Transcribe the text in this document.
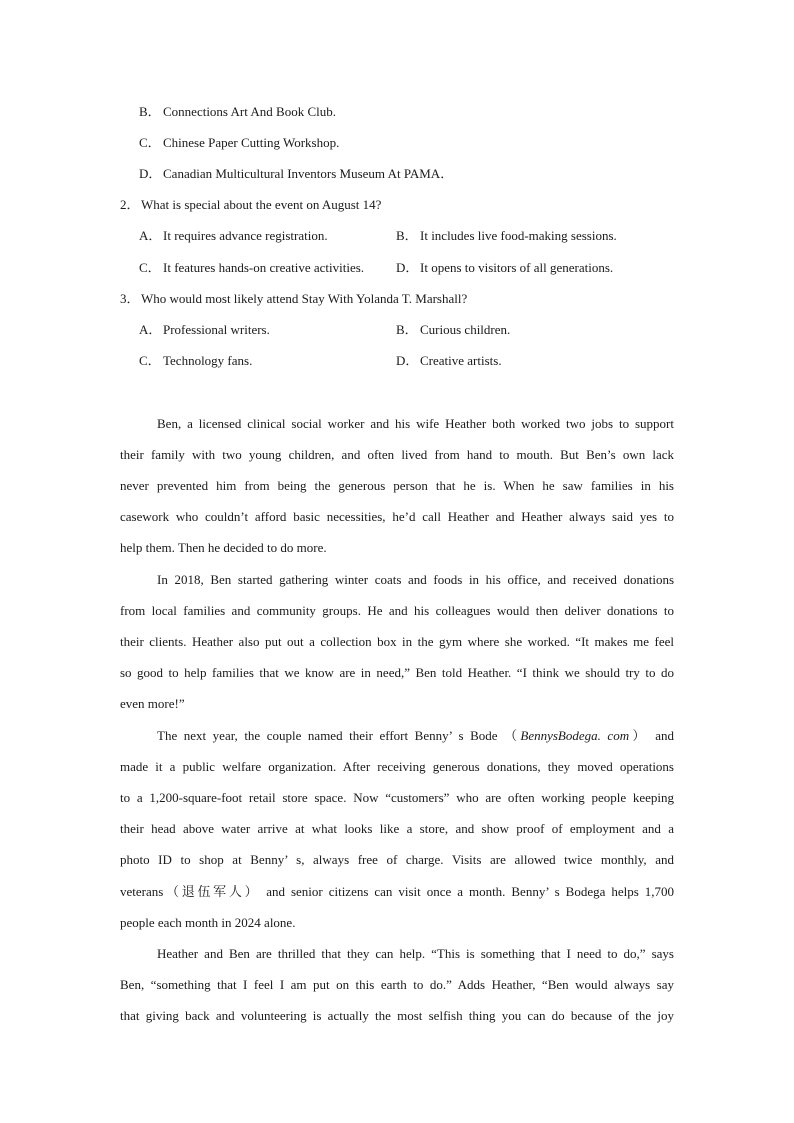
B． Connections Art And Book Club.
C． Chinese Paper Cutting Workshop.
D． Canadian Multicultural Inventors Museum At PAMA．
2．What is special about the event on August 14?
A． It requires advance registration.	B． It includes live food-making sessions.
C． It features hands-on creative activities. D． It opens to visitors of all generations.
3．Who would most likely attend Stay With Yolanda T. Marshall?
A． Professional writers.	B． Curious children.
C． Technology fans.	D． Creative artists.
Ben, a licensed clinical social worker and his wife Heather both worked two jobs to support
their family with two young children, and often lived from hand to mouth. But Ben’s own lack
never prevented him from being the generous person that he is. When he saw families in his
casework who couldn’t afford basic necessities, he’d call Heather and Heather always said yes to
help them. Then he decided to do more.
In 2018, Ben started gathering winter coats and foods in his office, and received donations
from local families and community groups. He and his colleagues would then deliver donations to
their clients. Heather also put out a collection box in the gym where she worked. “It makes me feel
so good to help families that we know are in need,” Ben told Heather. “I think we should try to do
even more!”
The next year, the couple named their effort Benny’ s Bode （BennysBodega. com） and
made it a public welfare organization. After receiving generous donations, they moved operations
to a 1,200-square-foot retail store space. Now “customers” who are often working people keeping
their head above water arrive at what looks like a store, and show proof of employment and a
photo ID to shop at Benny’ s, always free of charge. Visits are allowed twice monthly, and
veterans（退伍军人） and senior citizens can visit once a month. Benny’ s Bodega helps 1,700
people each month in 2024 alone.
Heather and Ben are thrilled that they can help. “This is something that I need to do,” says
Ben, “something that I feel I am put on this earth to do.” Adds Heather, “Ben would always say
that giving back and volunteering is actually the most selfish thing you can do because of the joy
